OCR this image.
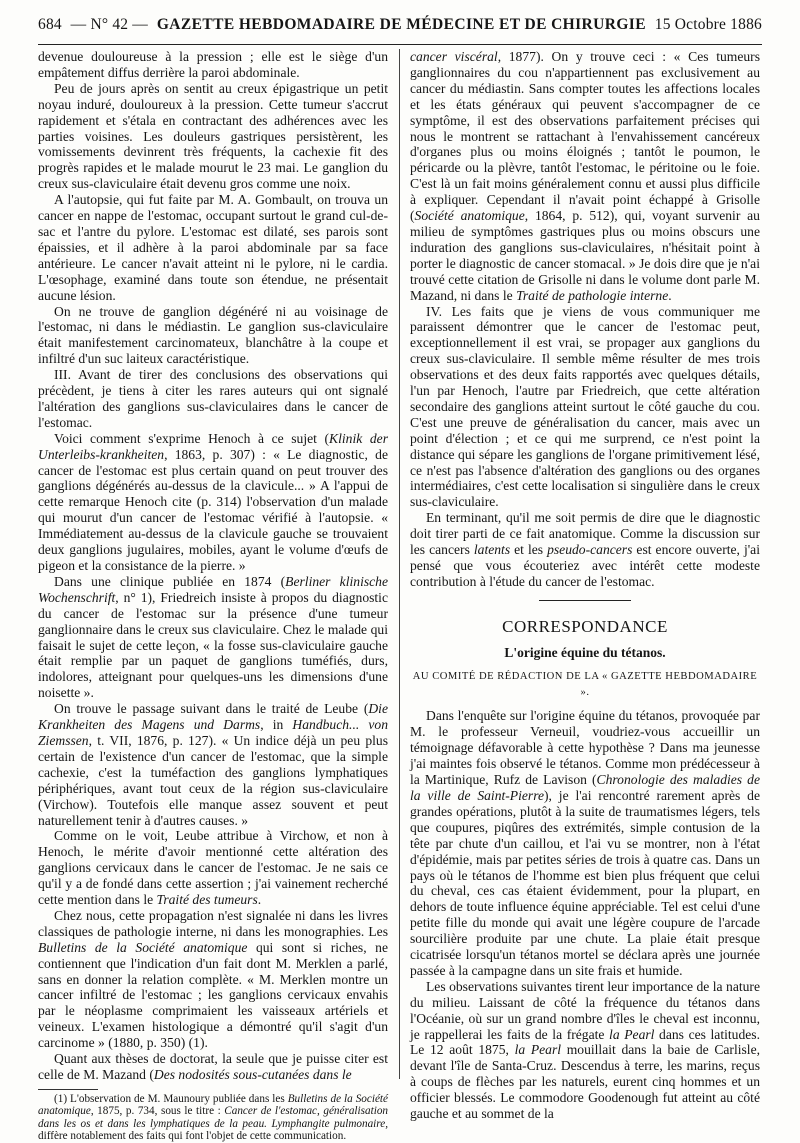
684 — N° 42 — GAZETTE HEBDOMADAIRE DE MÉDECINE ET DE CHIRURGIE 15 Octobre 1886

devenue douloureuse à la pression ; elle est le siège d'un empâtement diffus derrière la paroi abdominale.

Peu de jours après on sentit au creux épigastrique un petit noyau induré, douloureux à la pression. Cette tumeur s'accrut rapidement et s'étala en contractant des adhérences avec les parties voisines. Les douleurs gastriques persistèrent, les vomissements devinrent très fréquents, la cachexie fit des progrès rapides et le malade mourut le 23 mai. Le ganglion du creux sus-claviculaire était devenu gros comme une noix.

A l'autopsie, qui fut faite par M. A. Gombault, on trouva un cancer en nappe de l'estomac, occupant surtout le grand cul-de-sac et l'antre du pylore. L'estomac est dilaté, ses parois sont épaissies, et il adhère à la paroi abdominale par sa face antérieure. Le cancer n'avait atteint ni le pylore, ni le cardia. L'œsophage, examiné dans toute son étendue, ne présentait aucune lésion.

On ne trouve de ganglion dégénéré ni au voisinage de l'estomac, ni dans le médiastin. Le ganglion sus-claviculaire était manifestement carcinomateux, blanchâtre à la coupe et infiltré d'un suc laiteux caractéristique.

III. Avant de tirer des conclusions des observations qui précèdent, je tiens à citer les rares auteurs qui ont signalé l'altération des ganglions sus-claviculaires dans le cancer de l'estomac.

Voici comment s'exprime Henoch à ce sujet (Klinik der Unterleibs-krankheiten, 1863, p. 307) : « Le diagnostic, de cancer de l'estomac est plus certain quand on peut trouver des ganglions dégénérés au-dessus de la clavicule... » A l'appui de cette remarque Henoch cite (p. 314) l'observation d'un malade qui mourut d'un cancer de l'estomac vérifié à l'autopsie. « Immédiatement au-dessus de la clavicule gauche se trouvaient deux ganglions jugulaires, mobiles, ayant le volume d'œufs de pigeon et la consistance de la pierre. »

Dans une clinique publiée en 1874 (Berliner klinische Wochenschrift, n° 1), Friedreich insiste à propos du diagnostic du cancer de l'estomac sur la présence d'une tumeur ganglionnaire dans le creux sus claviculaire. Chez le malade qui faisait le sujet de cette leçon, « la fosse sus-claviculaire gauche était remplie par un paquet de ganglions tuméfiés, durs, indolores, atteignant pour quelques-uns les dimensions d'une noisette ».

On trouve le passage suivant dans le traité de Leube (Die Krankheiten des Magens und Darms, in Handbuch... von Ziemssen, t. VII, 1876, p. 127). « Un indice déjà un peu plus certain de l'existence d'un cancer de l'estomac, que la simple cachexie, c'est la tuméfaction des ganglions lymphatiques périphériques, avant tout ceux de la région sus-claviculaire (Virchow). Toutefois elle manque assez souvent et peut naturellement tenir à d'autres causes. »

Comme on le voit, Leube attribue à Virchow, et non à Henoch, le mérite d'avoir mentionné cette altération des ganglions cervicaux dans le cancer de l'estomac. Je ne sais ce qu'il y a de fondé dans cette assertion ; j'ai vainement recherché cette mention dans le Traité des tumeurs.

Chez nous, cette propagation n'est signalée ni dans les livres classiques de pathologie interne, ni dans les monographies. Les Bulletins de la Société anatomique qui sont si riches, ne contiennent que l'indication d'un fait dont M. Merklen a parlé, sans en donner la relation complète. « M. Merklen montre un cancer infiltré de l'estomac ; les ganglions cervicaux envahis par le néoplasme comprimaient les vaisseaux artériels et veineux. L'examen histologique a démontré qu'il s'agit d'un carcinome » (1880, p. 350) (1).

Quant aux thèses de doctorat, la seule que je puisse citer est celle de M. Mazand (Des nodosités sous-cutanées dans le

(1) L'observation de M. Maunoury publiée dans les Bulletins de la Société anatomique, 1875, p. 734, sous le titre : Cancer de l'estomac, généralisation dans les os et dans les lymphatiques de la peau. Lymphangite pulmonaire, diffère notablement des faits qui font l'objet de cette communication.

cancer viscéral, 1877). On y trouve ceci : « Ces tumeurs ganglionnaires du cou n'appartiennent pas exclusivement au cancer du médiastin. Sans compter toutes les affections locales et les états généraux qui peuvent s'accompagner de ce symptôme, il est des observations parfaitement précises qui nous le montrent se rattachant à l'envahissement cancéreux d'organes plus ou moins éloignés ; tantôt le poumon, le péricarde ou la plèvre, tantôt l'estomac, le péritoine ou le foie. C'est là un fait moins généralement connu et aussi plus difficile à expliquer. Cependant il n'avait point échappé à Grisolle (Société anatomique, 1864, p. 512), qui, voyant survenir au milieu de symptômes gastriques plus ou moins obscurs une induration des ganglions sus-claviculaires, n'hésitait point à porter le diagnostic de cancer stomacal. » Je dois dire que je n'ai trouvé cette citation de Grisolle ni dans le volume dont parle M. Mazand, ni dans le Traité de pathologie interne.

IV. Les faits que je viens de vous communiquer me paraissent démontrer que le cancer de l'estomac peut, exceptionnellement il est vrai, se propager aux ganglions du creux sus-claviculaire. Il semble même résulter de mes trois observations et des deux faits rapportés avec quelques détails, l'un par Henoch, l'autre par Friedreich, que cette altération secondaire des ganglions atteint surtout le côté gauche du cou. C'est une preuve de généralisation du cancer, mais avec un point d'élection ; et ce qui me surprend, ce n'est point la distance qui sépare les ganglions de l'organe primitivement lésé, ce n'est pas l'absence d'altération des ganglions ou des organes intermédiaires, c'est cette localisation si singulière dans le creux sus-claviculaire.

En terminant, qu'il me soit permis de dire que le diagnostic doit tirer parti de ce fait anatomique. Comme la discussion sur les cancers latents et les pseudo-cancers est encore ouverte, j'ai pensé que vous écouteriez avec intérêt cette modeste contribution à l'étude du cancer de l'estomac.

CORRESPONDANCE
L'origine équine du tétanos.
AU COMITÉ DE RÉDACTION DE LA « GAZETTE HEBDOMADAIRE ».

Dans l'enquête sur l'origine équine du tétanos, provoquée par M. le professeur Verneuil, voudriez-vous accueillir un témoignage défavorable à cette hypothèse ? Dans ma jeunesse j'ai maintes fois observé le tétanos. Comme mon prédécesseur à la Martinique, Rufz de Lavison (Chronologie des maladies de la ville de Saint-Pierre), je l'ai rencontré rarement après de grandes opérations, plutôt à la suite de traumatismes légers, tels que coupures, piqûres des extrémités, simple contusion de la tête par chute d'un caillou, et l'ai vu se montrer, non à l'état d'épidémie, mais par petites séries de trois à quatre cas. Dans un pays où le tétanos de l'homme est bien plus fréquent que celui du cheval, ces cas étaient évidemment, pour la plupart, en dehors de toute influence équine appréciable. Tel est celui d'une petite fille du monde qui avait une légère coupure de l'arcade sourcilière produite par une chute. La plaie était presque cicatrisée lorsqu'un tétanos mortel se déclara après une journée passée à la campagne dans un site frais et humide.

Les observations suivantes tirent leur importance de la nature du milieu. Laissant de côté la fréquence du tétanos dans l'Océanie, où sur un grand nombre d'îles le cheval est inconnu, je rappellerai les faits de la frégate la Pearl dans ces latitudes. Le 12 août 1875, la Pearl mouillait dans la baie de Carlisle, devant l'île de Santa-Cruz. Descendus à terre, les marins, reçus à coups de flèches par les naturels, eurent cinq hommes et un officier blessés. Le commodore Goodenough fut atteint au côté gauche et au sommet de la
